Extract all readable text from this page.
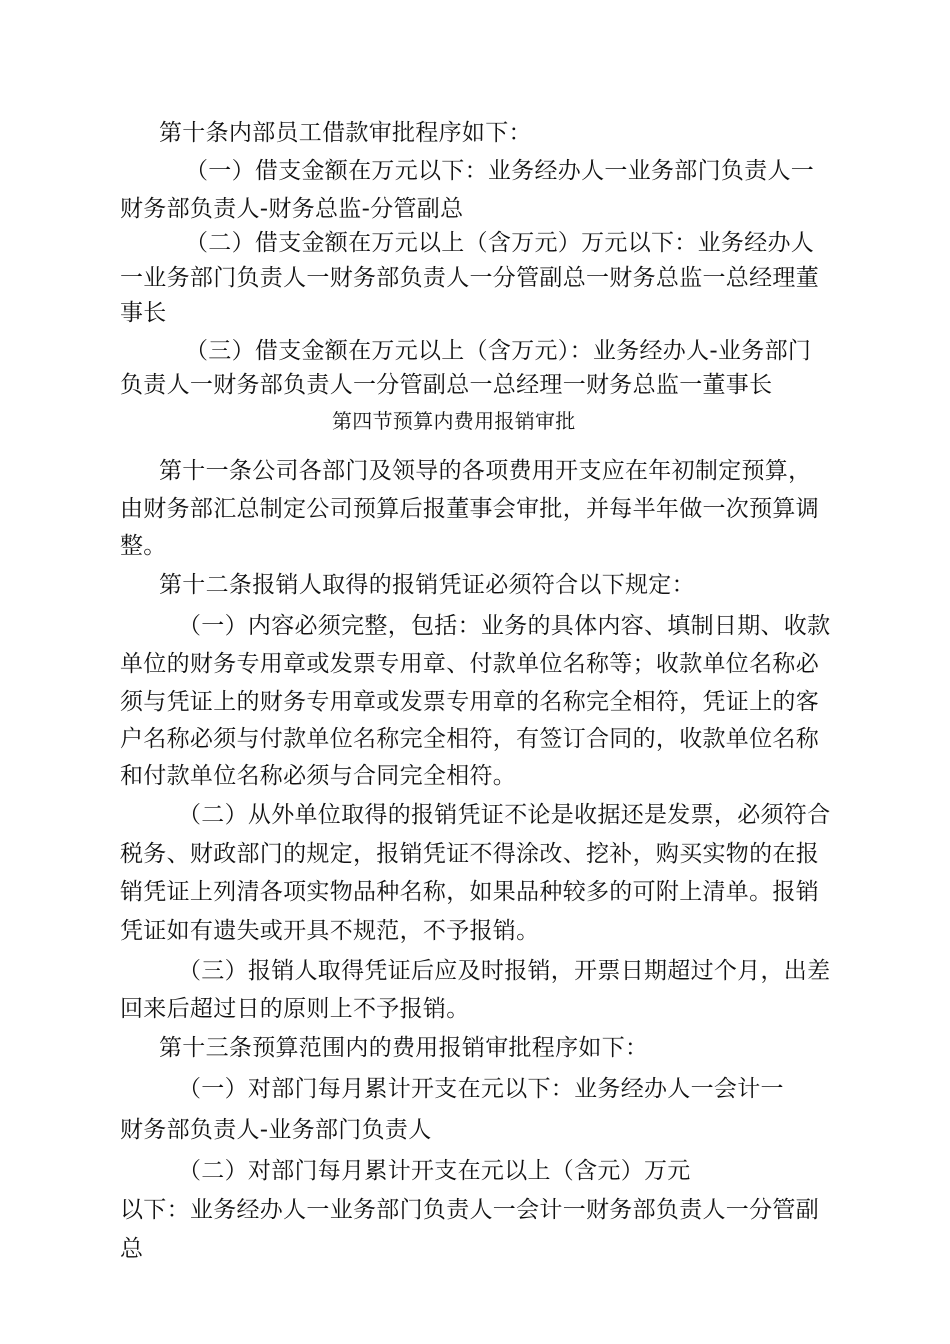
第十条内部员工借款审批程序如下：
（一）借支金额在万元以下：业务经办人一业务部门负责人一
财务部负责人-财务总监-分管副总
（二）借支金额在万元以上（含万元）万元以下：业务经办人
一业务部门负责人一财务部负责人一分管副总一财务总监一总经理董
事长
（三）借支金额在万元以上（含万元）：业务经办人-业务部门
负责人一财务部负责人一分管副总一总经理一财务总监一董事长
第四节预算内费用报销审批
第十一条公司各部门及领导的各项费用开支应在年初制定预算，
由财务部汇总制定公司预算后报董事会审批，并每半年做一次预算调
整。
第十二条报销人取得的报销凭证必须符合以下规定：
（一）内容必须完整，包括：业务的具体内容、填制日期、收款
单位的财务专用章或发票专用章、付款单位名称等；收款单位名称必
须与凭证上的财务专用章或发票专用章的名称完全相符，凭证上的客
户名称必须与付款单位名称完全相符，有签订合同的，收款单位名称
和付款单位名称必须与合同完全相符。
（二）从外单位取得的报销凭证不论是收据还是发票，必须符合
税务、财政部门的规定，报销凭证不得涂改、挖补，购买实物的在报
销凭证上列清各项实物品种名称，如果品种较多的可附上清单。报销
凭证如有遗失或开具不规范，不予报销。
（三）报销人取得凭证后应及时报销，开票日期超过个月，出差
回来后超过日的原则上不予报销。
第十三条预算范围内的费用报销审批程序如下：
（一）对部门每月累计开支在元以下：业务经办人一会计一
财务部负责人-业务部门负责人
（二）对部门每月累计开支在元以上（含元）万元
以下：业务经办人一业务部门负责人一会计一财务部负责人一分管副
总
